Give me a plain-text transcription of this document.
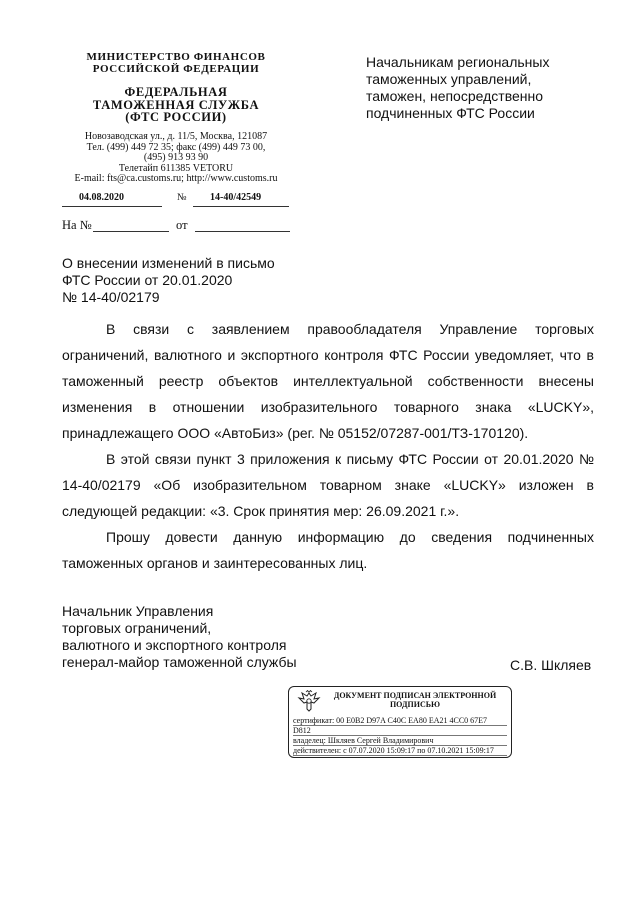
МИНИСТЕРСТВО ФИНАНСОВ
РОССИЙСКОЙ ФЕДЕРАЦИИ
ФЕДЕРАЛЬНАЯ
ТАМОЖЕННАЯ СЛУЖБА
(ФТС РОССИИ)
Новозаводская ул., д. 11/5, Москва, 121087
Тел. (499) 449 72 35; факс (499) 449 73 00,
(495) 913 93 90
Телетайп 611385 VETORU
E-mail: fts@ca.customs.ru; http://www.customs.ru
04.08.2020	№ 14-40/42549
На №	от
Начальникам региональных
таможенных управлений,
таможен, непосредственно
подчиненных ФТС России
О внесении изменений в письмо
ФТС России от 20.01.2020
№ 14-40/02179

В связи с заявлением правообладателя Управление торговых ограничений, валютного и экспортного контроля ФТС России уведомляет, что в таможенный реестр объектов интеллектуальной собственности внесены изменения в отношении изобразительного товарного знака «LUCKY», принадлежащего ООО «АвтоБиз» (рег. № 05152/07287-001/ТЗ-170120).

В этой связи пункт 3 приложения к письму ФТС России от 20.01.2020 № 14-40/02179 «Об изобразительном товарном знаке «LUCKY» изложен в следующей редакции: «3. Срок принятия мер: 26.09.2021 г.».

Прошу довести данную информацию до сведения подчиненных таможенных органов и заинтересованных лиц.

Начальник Управления
торговых ограничений,
валютного и экспортного контроля
генерал-майор таможенной службы	С.В. Шкляев
ДОКУМЕНТ ПОДПИСАН ЭЛЕКТРОННОЙ
ПОДПИСЬЮ
сертификат: 00 E0B2 D97A C40C EA80 EA21 4CC0 67E7
D812
владелец: Шкляев Сергей Владимирович
действителен: с 07.07.2020 15:09:17 по 07.10.2021 15:09:17
